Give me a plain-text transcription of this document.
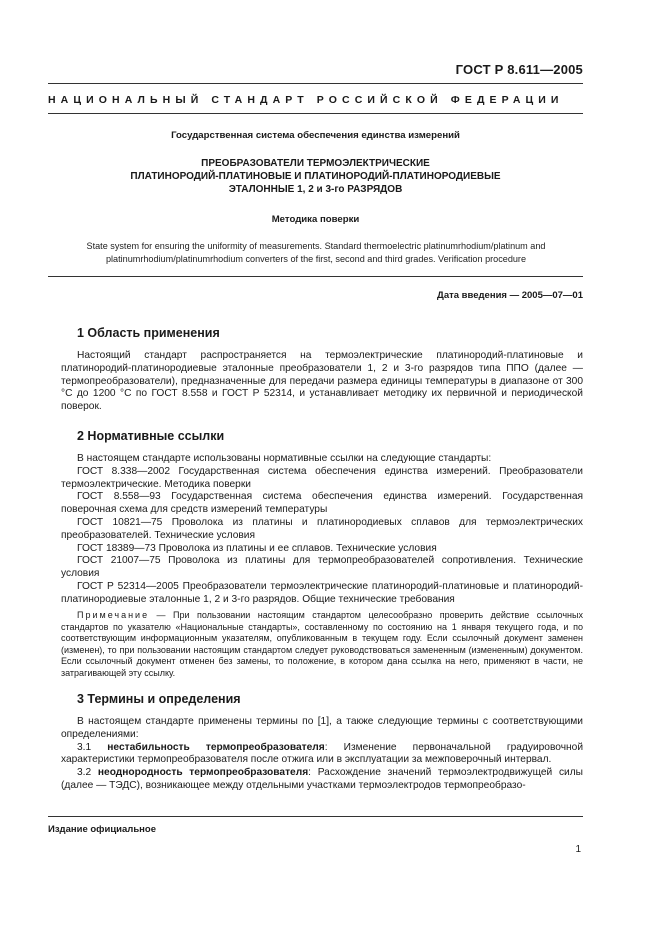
ГОСТ Р 8.611—2005
НАЦИОНАЛЬНЫЙ СТАНДАРТ РОССИЙСКОЙ ФЕДЕРАЦИИ
Государственная система обеспечения единства измерений
ПРЕОБРАЗОВАТЕЛИ ТЕРМОЭЛЕКТРИЧЕСКИЕ
ПЛАТИНОРОДИЙ-ПЛАТИНОВЫЕ И ПЛАТИНОРОДИЙ-ПЛАТИНОРОДИЕВЫЕ
ЭТАЛОННЫЕ 1, 2 и 3-го РАЗРЯДОВ
Методика поверки
State system for ensuring the uniformity of measurements. Standard thermoelectric platinumrhodium/platinum and
platinumrhodium/platinumrhodium converters of the first, second and third grades. Verification procedure
Дата введения — 2005—07—01
1 Область применения

Настоящий стандарт распространяется на термоэлектрические платинородий-платиновые и платинородий-платинородиевые эталонные преобразователи 1, 2 и 3-го разрядов типа ППО (далее — термопреобразователи), предназначенные для передачи размера единицы температуры в диапазоне от 300 °С до 1200 °С по ГОСТ 8.558 и ГОСТ Р 52314, и устанавливает методику их первичной и периодической поверок.

2 Нормативные ссылки

В настоящем стандарте использованы нормативные ссылки на следующие стандарты:

ГОСТ 8.338—2002 Государственная система обеспечения единства измерений. Преобразователи термоэлектрические. Методика поверки

ГОСТ 8.558—93 Государственная система обеспечения единства измерений. Государственная поверочная схема для средств измерений температуры

ГОСТ 10821—75 Проволока из платины и платинородиевых сплавов для термоэлектрических преобразователей. Технические условия

ГОСТ 18389—73 Проволока из платины и ее сплавов. Технические условия

ГОСТ 21007—75 Проволока из платины для термопреобразователей сопротивления. Технические условия

ГОСТ Р 52314—2005 Преобразователи термоэлектрические платинородий-платиновые и платинородий-платинородиевые эталонные 1, 2 и 3-го разрядов. Общие технические требования

Примечание — При пользовании настоящим стандартом целесообразно проверить действие ссылочных стандартов по указателю «Национальные стандарты», составленному по состоянию на 1 января текущего года, и по соответствующим информационным указателям, опубликованным в текущем году. Если ссылочный документ заменен (изменен), то при пользовании настоящим стандартом следует руководствоваться замененным (измененным) документом. Если ссылочный документ отменен без замены, то положение, в котором дана ссылка на него, применяют в части, не затрагивающей эту ссылку.

3 Термины и определения

В настоящем стандарте применены термины по [1], а также следующие термины с соответствующими определениями:

3.1 нестабильность термопреобразователя: Изменение первоначальной градуировочной характеристики термопреобразователя после отжига или в эксплуатации за межповерочный интервал.

3.2 неоднородность термопреобразователя: Расхождение значений термоэлектродвижущей силы (далее — ТЭДС), возникающее между отдельными участками термоэлектродов термопреобразо-

Издание официальное
1
